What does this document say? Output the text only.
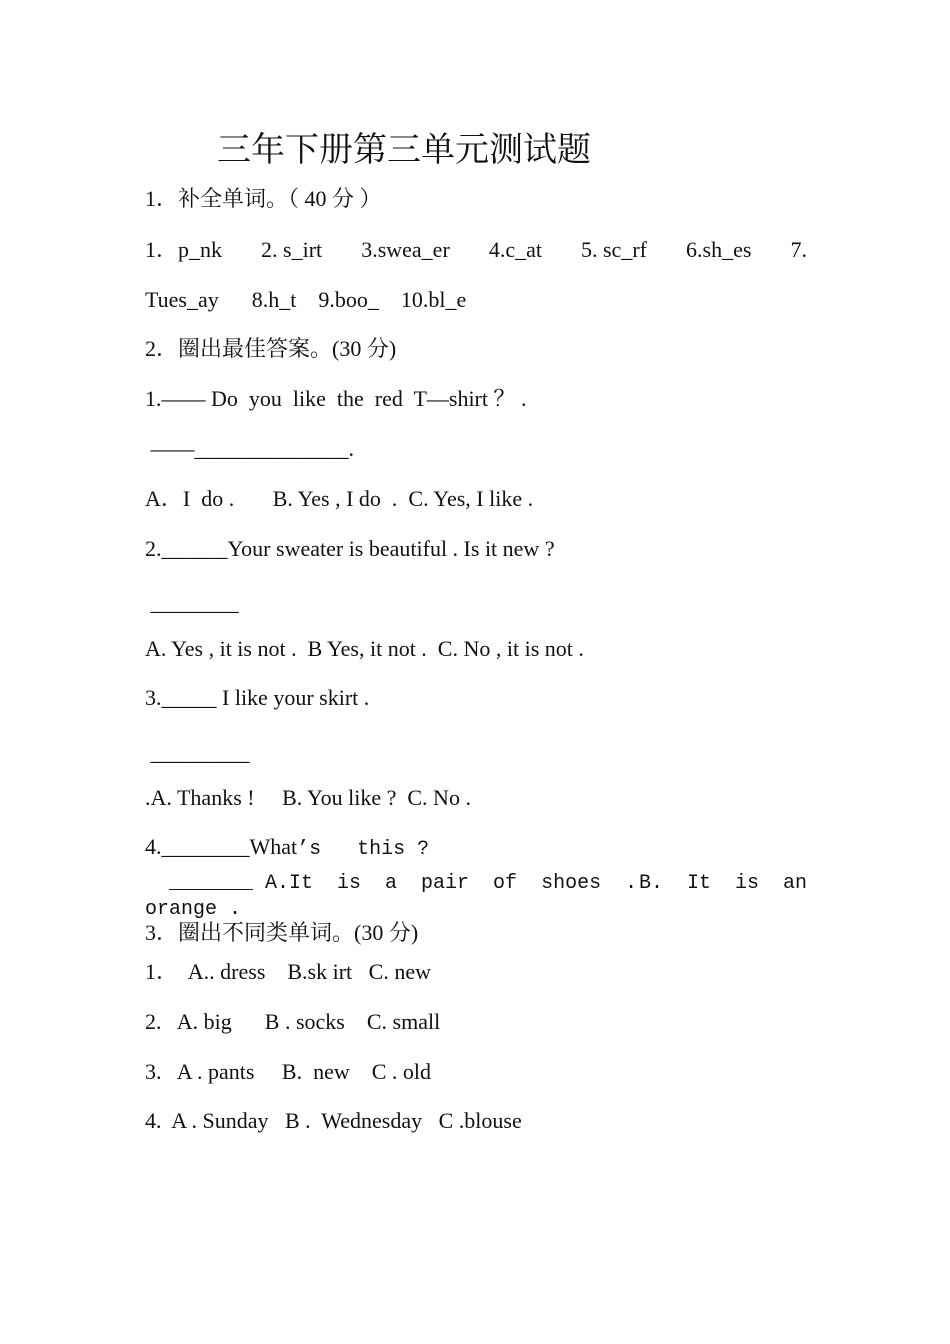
三年下册第三单元测试题
1．补全单词。（ 40 分 ）
1．p_nk 2. s_irt 3.swea_er 4.c_at 5. sc_rf 6.sh_es 7.
Tues_ay      8.h_t    9.boo_    10.bl_e
2．圈出最佳答案。(30 分)
1.—— Do  you  like  the  red  T—shirt ？ .
——______________.
A．I  do .       B. Yes , I do  .  C. Yes, I like .
2.______Your sweater is beautiful . Is it new ?
________
A. Yes , it is not .  B Yes, it not .  C. No , it is not .
3._____ I like your skirt .
_________
.A. Thanks !     B. You like ?  C. No .
4.________What’s   this ?
_______ A.It  is  a  pair  of  shoes  . B.  It  is  an
orange .
3．圈出不同类单词。(30 分)
1．  A.. dress    B.sk irt   C. new
2.   A. big      B . socks    C. small
3.   A . pants     B.  new    C . old
4.  A . Sunday   B .  Wednesday   C .blouse
